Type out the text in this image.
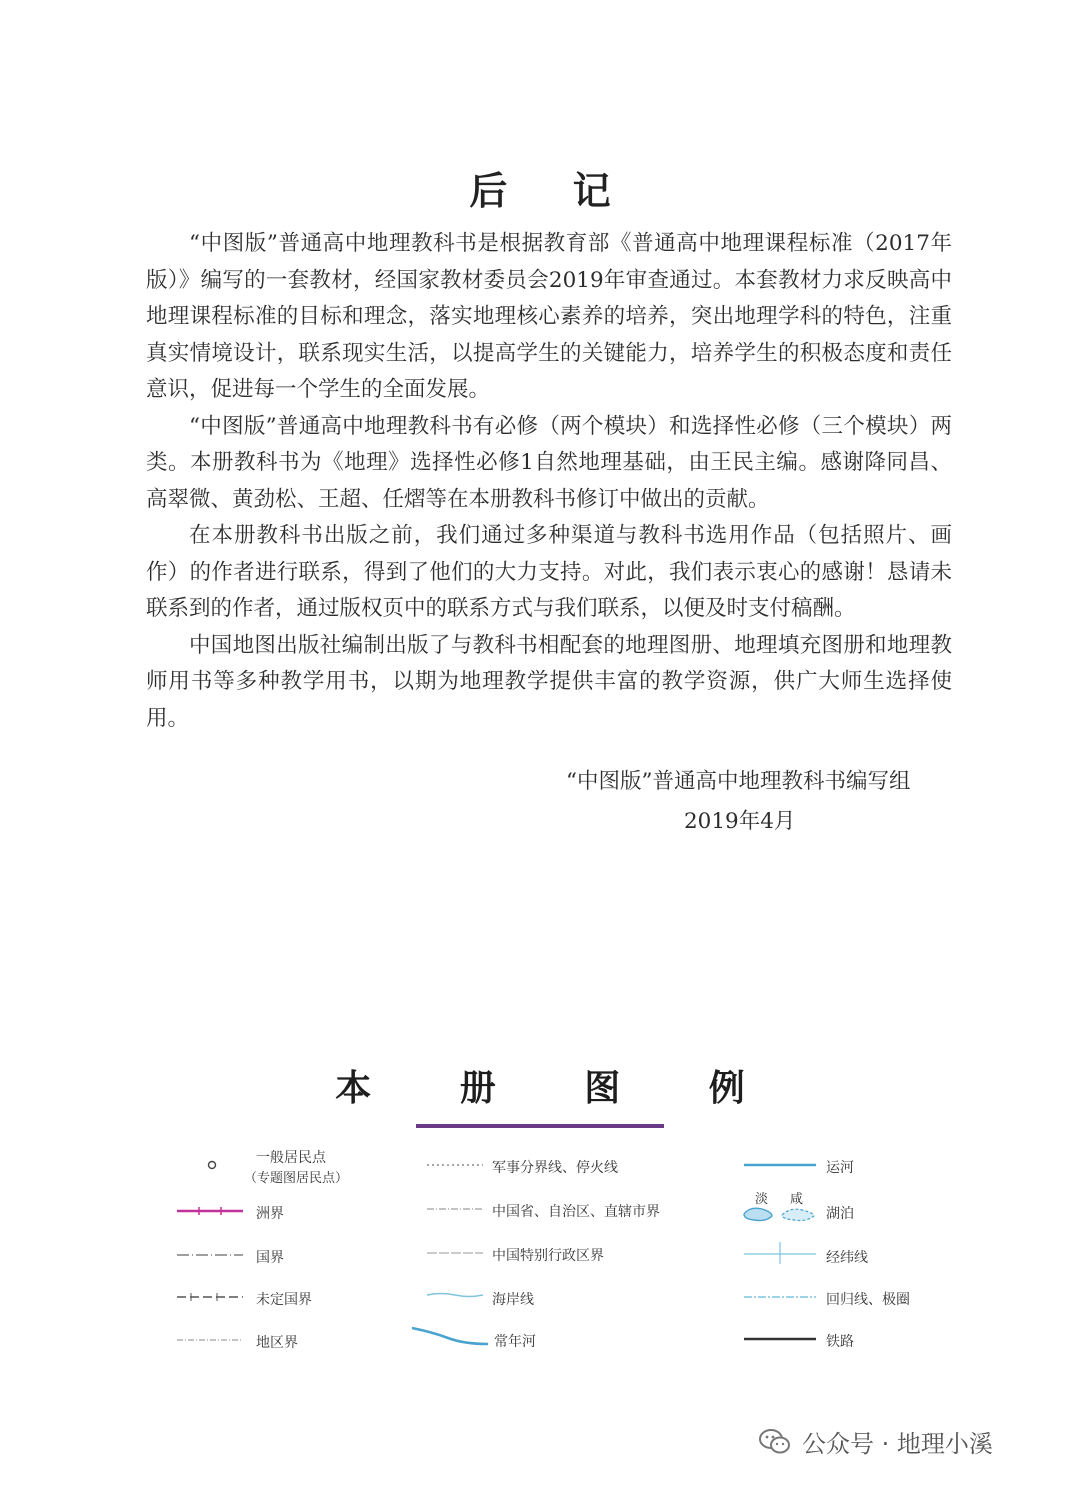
后 记

“中图版”普通高中地理教科书是根据教育部《普通高中地理课程标准（2017年版）》编写的一套教材，经国家教材委员会2019年审查通过。本套教材力求反映高中地理课程标准的目标和理念，落实地理核心素养的培养，突出地理学科的特色，注重真实情境设计，联系现实生活，以提高学生的关键能力，培养学生的积极态度和责任意识，促进每一个学生的全面发展。

“中图版”普通高中地理教科书有必修（两个模块）和选择性必修（三个模块）两类。本册教科书为《地理》选择性必修1自然地理基础，由王民主编。感谢降同昌、高翠微、黄劲松、王超、任熠等在本册教科书修订中做出的贡献。

在本册教科书出版之前，我们通过多种渠道与教科书选用作品（包括照片、画作）的作者进行联系，得到了他们的大力支持。对此，我们表示衷心的感谢！恳请未联系到的作者，通过版权页中的联系方式与我们联系，以便及时支付稿酬。

中国地图出版社编制出版了与教科书相配套的地理图册、地理填充图册和地理教师用书等多种教学用书，以期为地理教学提供丰富的教学资源，供广大师生选择使用。

“中图版”普通高中地理教科书编写组
2019年4月
本 册 图 例
一般居民点
（专题图居民点）
洲界
国界
未定国界
地区界
军事分界线、停火线
中国省、自治区、直辖市界
中国特别行政区界
海岸线
常年河
运河
淡 咸
湖泊
经纬线
回归线、极圈
铁路
公众号 · 地理小溪
